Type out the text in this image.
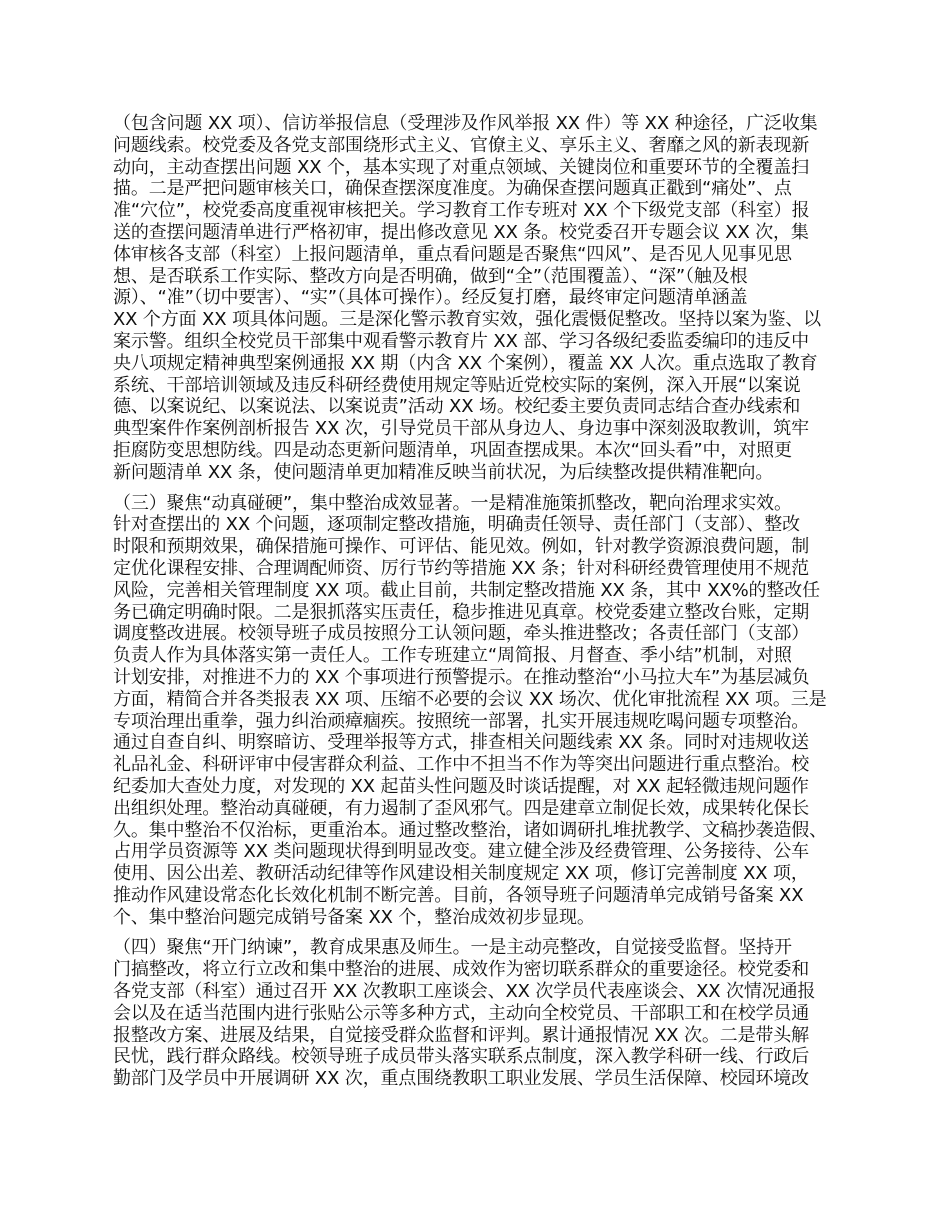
（包含问题 XX 项）、信访举报信息（受理涉及作风举报 XX 件）等 XX 种途径，广泛收集
问题线索。校党委及各党支部围绕形式主义、官僚主义、享乐主义、奢靡之风的新表现新
动向，主动查摆出问题 XX 个，基本实现了对重点领域、关键岗位和重要环节的全覆盖扫
描。二是严把问题审核关口，确保查摆深度准度。为确保查摆问题真正戳到“痛处”、点
准“穴位”，校党委高度重视审核把关。学习教育工作专班对 XX 个下级党支部（科室）报
送的查摆问题清单进行严格初审，提出修改意见 XX 条。校党委召开专题会议 XX 次，集
体审核各支部（科室）上报问题清单，重点看问题是否聚焦“四风”、是否见人见事见思
想、是否联系工作实际、整改方向是否明确，做到“全”（范围覆盖）、“深”（触及根
源）、“准”（切中要害）、“实”（具体可操作）。经反复打磨，最终审定问题清单涵盖
XX 个方面 XX 项具体问题。三是深化警示教育实效，强化震慑促整改。坚持以案为鉴、以
案示警。组织全校党员干部集中观看警示教育片 XX 部、学习各级纪委监委编印的违反中
央八项规定精神典型案例通报 XX 期（内含 XX 个案例），覆盖 XX 人次。重点选取了教育
系统、干部培训领域及违反科研经费使用规定等贴近党校实际的案例，深入开展“以案说
德、以案说纪、以案说法、以案说责”活动 XX 场。校纪委主要负责同志结合查办线索和
典型案件作案例剖析报告 XX 次，引导党员干部从身边人、身边事中深刻汲取教训，筑牢
拒腐防变思想防线。四是动态更新问题清单，巩固查摆成果。本次“回头看”中，对照更
新问题清单 XX 条，使问题清单更加精准反映当前状况，为后续整改提供精准靶向。
（三）聚焦“动真碰硬”，集中整治成效显著。一是精准施策抓整改，靶向治理求实效。
针对查摆出的 XX 个问题，逐项制定整改措施，明确责任领导、责任部门（支部）、整改
时限和预期效果，确保措施可操作、可评估、能见效。例如，针对教学资源浪费问题，制
定优化课程安排、合理调配师资、厉行节约等措施 XX 条；针对科研经费管理使用不规范
风险，完善相关管理制度 XX 项。截止目前，共制定整改措施 XX 条，其中 XX%的整改任
务已确定明确时限。二是狠抓落实压责任，稳步推进见真章。校党委建立整改台账，定期
调度整改进展。校领导班子成员按照分工认领问题，牵头推进整改；各责任部门（支部）
负责人作为具体落实第一责任人。工作专班建立“周简报、月督查、季小结”机制，对照
计划安排，对推进不力的 XX 个事项进行预警提示。在推动整治“小马拉大车”为基层减负
方面，精简合并各类报表 XX 项、压缩不必要的会议 XX 场次、优化审批流程 XX 项。三是
专项治理出重拳，强力纠治顽瘴痼疾。按照统一部署，扎实开展违规吃喝问题专项整治。
通过自查自纠、明察暗访、受理举报等方式，排查相关问题线索 XX 条。同时对违规收送
礼品礼金、科研评审中侵害群众利益、工作中不担当不作为等突出问题进行重点整治。校
纪委加大查处力度，对发现的 XX 起苗头性问题及时谈话提醒，对 XX 起轻微违规问题作
出组织处理。整治动真碰硬，有力遏制了歪风邪气。四是建章立制促长效，成果转化保长
久。集中整治不仅治标，更重治本。通过整改整治，诸如调研扎堆扰教学、文稿抄袭造假、
占用学员资源等 XX 类问题现状得到明显改变。建立健全涉及经费管理、公务接待、公车
使用、因公出差、教研活动纪律等作风建设相关制度规定 XX 项，修订完善制度 XX 项，
推动作风建设常态化长效化机制不断完善。目前，各领导班子问题清单完成销号备案 XX
个、集中整治问题完成销号备案 XX 个，整治成效初步显现。
（四）聚焦“开门纳谏”，教育成果惠及师生。一是主动亮整改，自觉接受监督。坚持开
门搞整改，将立行立改和集中整治的进展、成效作为密切联系群众的重要途径。校党委和
各党支部（科室）通过召开 XX 次教职工座谈会、XX 次学员代表座谈会、XX 次情况通报
会以及在适当范围内进行张贴公示等多种方式，主动向全校党员、干部职工和在校学员通
报整改方案、进展及结果，自觉接受群众监督和评判。累计通报情况 XX 次。二是带头解
民忧，践行群众路线。校领导班子成员带头落实联系点制度，深入教学科研一线、行政后
勤部门及学员中开展调研 XX 次，重点围绕教职工职业发展、学员生活保障、校园环境改
